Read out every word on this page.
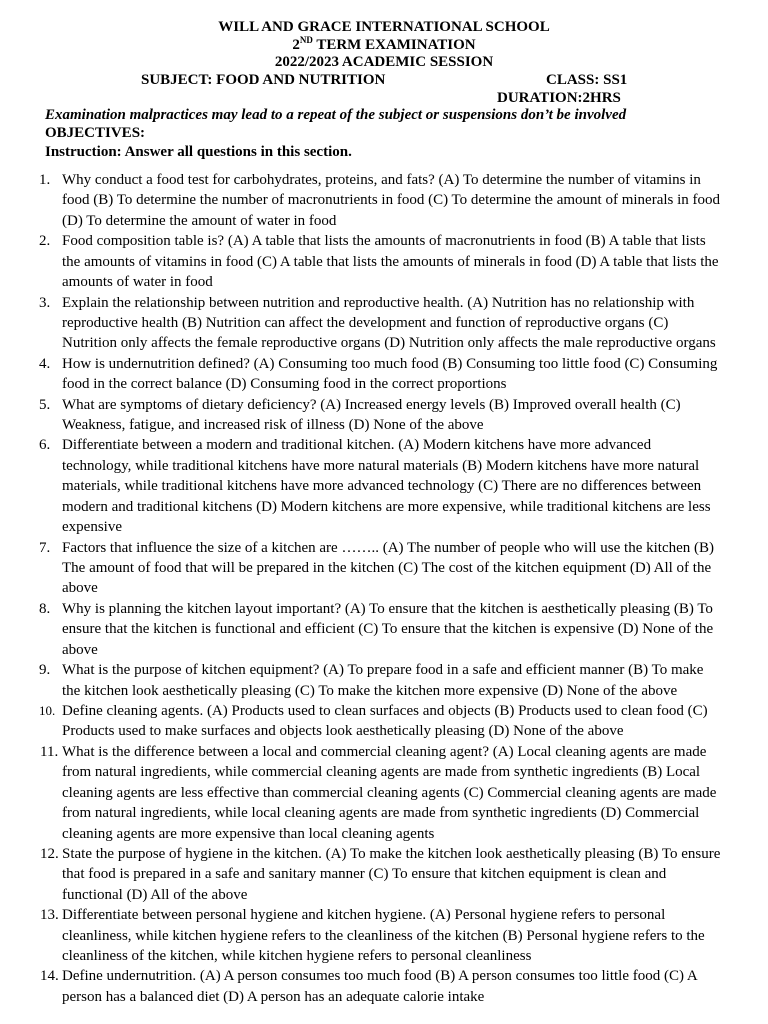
WILL AND GRACE INTERNATIONAL SCHOOL
2ND TERM EXAMINATION
2022/2023 ACADEMIC SESSION
SUBJECT: FOOD AND NUTRITION	CLASS: SS1
DURATION:2HRS
Examination malpractices may lead to a repeat of the subject or suspensions don’t be involved
OBJECTIVES:
Instruction: Answer all questions in this section.
1. Why conduct a food test for carbohydrates, proteins, and fats? (A) To determine the number of vitamins in food (B) To determine the number of macronutrients in food (C) To determine the amount of minerals in food (D) To determine the amount of water in food
2. Food composition table is? (A) A table that lists the amounts of macronutrients in food (B) A table that lists the amounts of vitamins in food (C) A table that lists the amounts of minerals in food (D) A table that lists the amounts of water in food
3. Explain the relationship between nutrition and reproductive health. (A) Nutrition has no relationship with reproductive health (B) Nutrition can affect the development and function of reproductive organs (C) Nutrition only affects the female reproductive organs (D) Nutrition only affects the male reproductive organs
4. How is undernutrition defined? (A) Consuming too much food (B) Consuming too little food (C) Consuming food in the correct balance (D) Consuming food in the correct proportions
5. What are symptoms of dietary deficiency? (A) Increased energy levels (B) Improved overall health (C) Weakness, fatigue, and increased risk of illness (D) None of the above
6. Differentiate between a modern and traditional kitchen. (A) Modern kitchens have more advanced technology, while traditional kitchens have more natural materials (B) Modern kitchens have more natural materials, while traditional kitchens have more advanced technology (C) There are no differences between modern and traditional kitchens (D) Modern kitchens are more expensive, while traditional kitchens are less expensive
7. Factors that influence the size of a kitchen are …….. (A) The number of people who will use the kitchen (B) The amount of food that will be prepared in the kitchen (C) The cost of the kitchen equipment (D) All of the above
8. Why is planning the kitchen layout important? (A) To ensure that the kitchen is aesthetically pleasing (B) To ensure that the kitchen is functional and efficient (C) To ensure that the kitchen is expensive (D) None of the above
9. What is the purpose of kitchen equipment? (A) To prepare food in a safe and efficient manner (B) To make the kitchen look aesthetically pleasing (C) To make the kitchen more expensive (D) None of the above
10. Define cleaning agents. (A) Products used to clean surfaces and objects (B) Products used to clean food (C) Products used to make surfaces and objects look aesthetically pleasing (D) None of the above
11. What is the difference between a local and commercial cleaning agent? (A) Local cleaning agents are made from natural ingredients, while commercial cleaning agents are made from synthetic ingredients (B) Local cleaning agents are less effective than commercial cleaning agents (C) Commercial cleaning agents are made from natural ingredients, while local cleaning agents are made from synthetic ingredients (D) Commercial cleaning agents are more expensive than local cleaning agents
12. State the purpose of hygiene in the kitchen. (A) To make the kitchen look aesthetically pleasing (B) To ensure that food is prepared in a safe and sanitary manner (C) To ensure that kitchen equipment is clean and functional (D) All of the above
13. Differentiate between personal hygiene and kitchen hygiene. (A) Personal hygiene refers to personal cleanliness, while kitchen hygiene refers to the cleanliness of the kitchen (B) Personal hygiene refers to the cleanliness of the kitchen, while kitchen hygiene refers to personal cleanliness
14. Define undernutrition. (A) A person consumes too much food (B) A person consumes too little food (C) A person has a balanced diet (D) A person has an adequate calorie intake
